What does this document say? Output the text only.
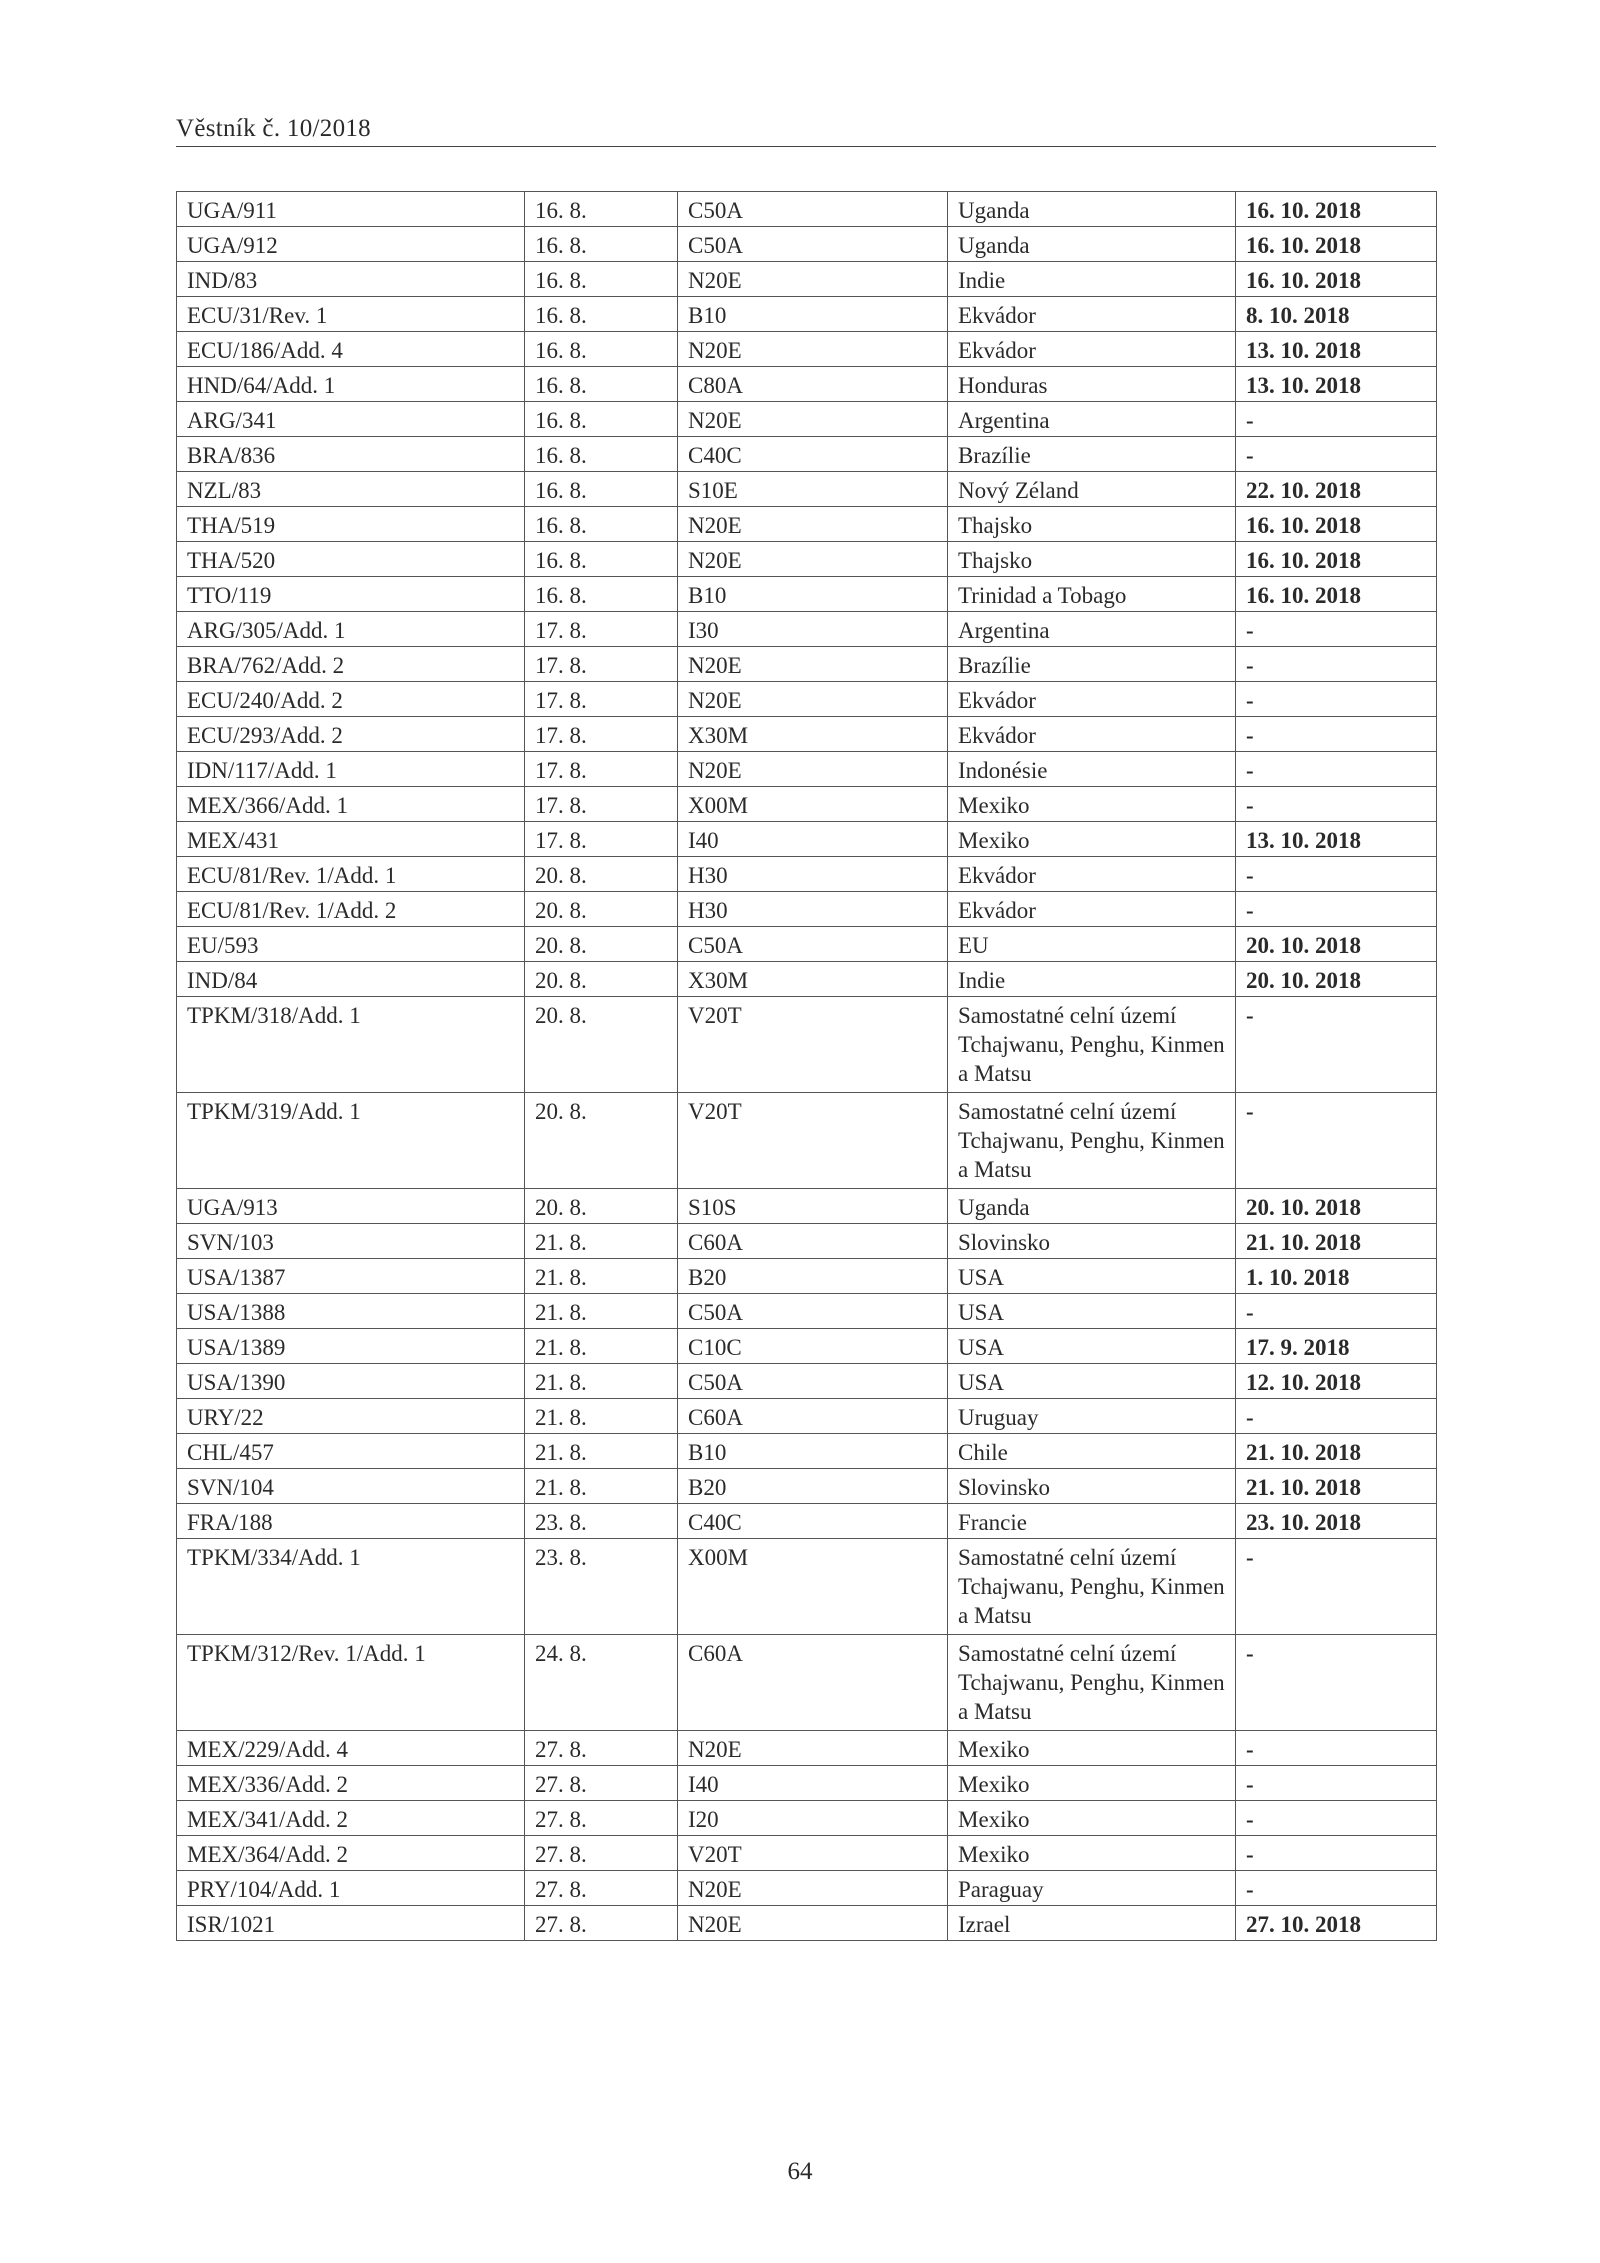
Věstník č. 10/2018
UGA/911	16. 8.	C50A	Uganda	16. 10. 2018
UGA/912	16. 8.	C50A	Uganda	16. 10. 2018
IND/83	16. 8.	N20E	Indie	16. 10. 2018
ECU/31/Rev. 1	16. 8.	B10	Ekvádor	8. 10. 2018
ECU/186/Add. 4	16. 8.	N20E	Ekvádor	13. 10. 2018
HND/64/Add. 1	16. 8.	C80A	Honduras	13. 10. 2018
ARG/341	16. 8.	N20E	Argentina	-
BRA/836	16. 8.	C40C	Brazílie	-
NZL/83	16. 8.	S10E	Nový Zéland	22. 10. 2018
THA/519	16. 8.	N20E	Thajsko	16. 10. 2018
THA/520	16. 8.	N20E	Thajsko	16. 10. 2018
TTO/119	16. 8.	B10	Trinidad a Tobago	16. 10. 2018
ARG/305/Add. 1	17. 8.	I30	Argentina	-
BRA/762/Add. 2	17. 8.	N20E	Brazílie	-
ECU/240/Add. 2	17. 8.	N20E	Ekvádor	-
ECU/293/Add. 2	17. 8.	X30M	Ekvádor	-
IDN/117/Add. 1	17. 8.	N20E	Indonésie	-
MEX/366/Add. 1	17. 8.	X00M	Mexiko	-
MEX/431	17. 8.	I40	Mexiko	13. 10. 2018
ECU/81/Rev. 1/Add. 1	20. 8.	H30	Ekvádor	-
ECU/81/Rev. 1/Add. 2	20. 8.	H30	Ekvádor	-
EU/593	20. 8.	C50A	EU	20. 10. 2018
IND/84	20. 8.	X30M	Indie	20. 10. 2018
TPKM/318/Add. 1	20. 8.	V20T	Samostatné celní území Tchajwanu, Penghu, Kinmen a Matsu	-
TPKM/319/Add. 1	20. 8.	V20T	Samostatné celní území Tchajwanu, Penghu, Kinmen a Matsu	-
UGA/913	20. 8.	S10S	Uganda	20. 10. 2018
SVN/103	21. 8.	C60A	Slovinsko	21. 10. 2018
USA/1387	21. 8.	B20	USA	1. 10. 2018
USA/1388	21. 8.	C50A	USA	-
USA/1389	21. 8.	C10C	USA	17. 9. 2018
USA/1390	21. 8.	C50A	USA	12. 10. 2018
URY/22	21. 8.	C60A	Uruguay	-
CHL/457	21. 8.	B10	Chile	21. 10. 2018
SVN/104	21. 8.	B20	Slovinsko	21. 10. 2018
FRA/188	23. 8.	C40C	Francie	23. 10. 2018
TPKM/334/Add. 1	23. 8.	X00M	Samostatné celní území Tchajwanu, Penghu, Kinmen a Matsu	-
TPKM/312/Rev. 1/Add. 1	24. 8.	C60A	Samostatné celní území Tchajwanu, Penghu, Kinmen a Matsu	-
MEX/229/Add. 4	27. 8.	N20E	Mexiko	-
MEX/336/Add. 2	27. 8.	I40	Mexiko	-
MEX/341/Add. 2	27. 8.	I20	Mexiko	-
MEX/364/Add. 2	27. 8.	V20T	Mexiko	-
PRY/104/Add. 1	27. 8.	N20E	Paraguay	-
ISR/1021	27. 8.	N20E	Izrael	27. 10. 2018
64
